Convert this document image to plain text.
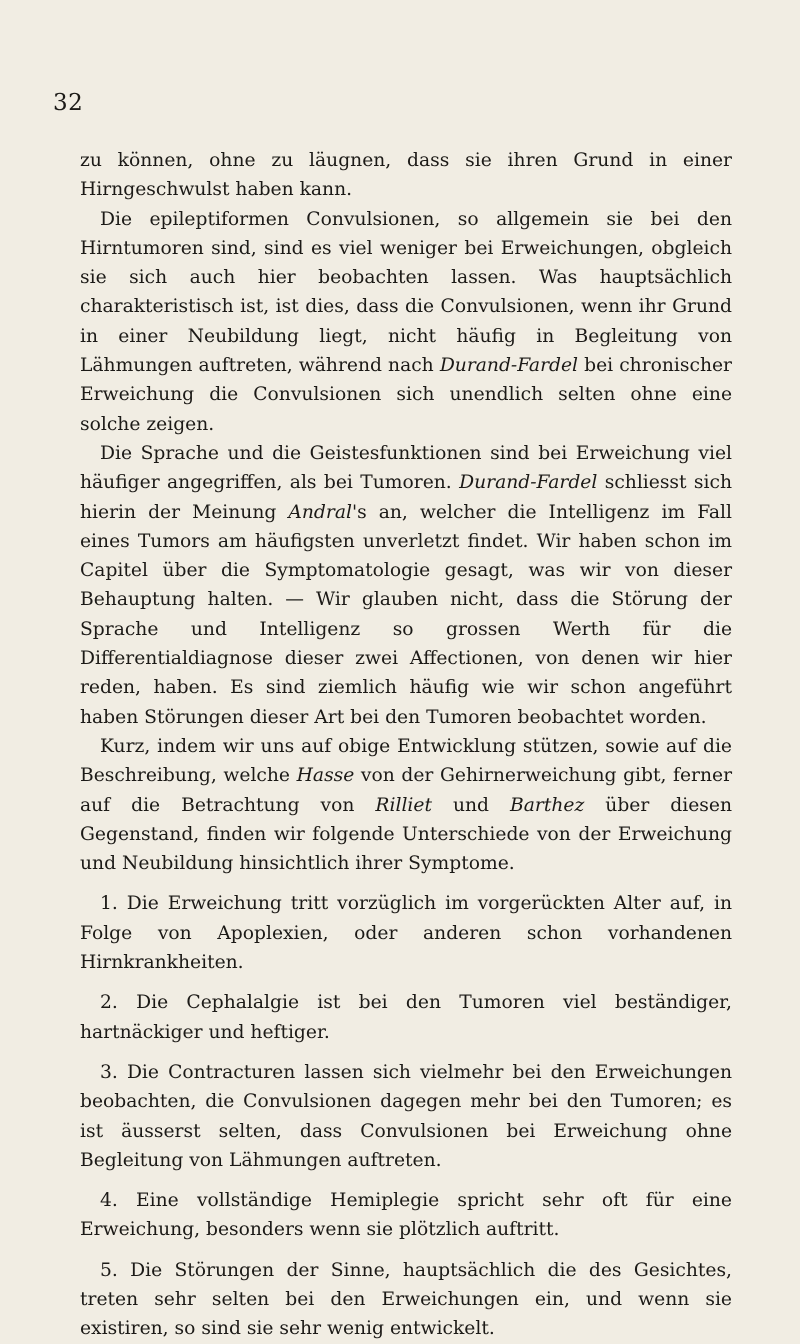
32

zu können, ohne zu läugnen, dass sie ihren Grund in einer Hirngeschwulst haben kann.

Die epileptiformen Convulsionen, so allgemein sie bei den Hirntumoren sind, sind es viel weniger bei Erweichungen, obgleich sie sich auch hier beobachten lassen. Was hauptsächlich charakteristisch ist, ist dies, dass die Convulsionen, wenn ihr Grund in einer Neubildung liegt, nicht häufig in Begleitung von Lähmungen auftreten, während nach Durand-Fardel bei chronischer Erweichung die Convulsionen sich unendlich selten ohne eine solche zeigen.

Die Sprache und die Geistesfunktionen sind bei Erweichung viel häufiger angegriffen, als bei Tumoren. Durand-Fardel schliesst sich hierin der Meinung Andral's an, welcher die Intelligenz im Fall eines Tumors am häufigsten unverletzt findet. Wir haben schon im Capitel über die Symptomatologie gesagt, was wir von dieser Behauptung halten. — Wir glauben nicht, dass die Störung der Sprache und Intelligenz so grossen Werth für die Differentialdiagnose dieser zwei Affectionen, von denen wir hier reden, haben. Es sind ziemlich häufig wie wir schon angeführt haben Störungen dieser Art bei den Tumoren beobachtet worden.

Kurz, indem wir uns auf obige Entwicklung stützen, sowie auf die Beschreibung, welche Hasse von der Gehirnerweichung gibt, ferner auf die Betrachtung von Rilliet und Barthez über diesen Gegenstand, finden wir folgende Unterschiede von der Erweichung und Neubildung hinsichtlich ihrer Symptome.

1. Die Erweichung tritt vorzüglich im vorgerückten Alter auf, in Folge von Apoplexien, oder anderen schon vorhandenen Hirnkrankheiten.

2. Die Cephalalgie ist bei den Tumoren viel beständiger, hartnäckiger und heftiger.

3. Die Contracturen lassen sich vielmehr bei den Erweichungen beobachten, die Convulsionen dagegen mehr bei den Tumoren; es ist äusserst selten, dass Convulsionen bei Erweichung ohne Begleitung von Lähmungen auftreten.

4. Eine vollständige Hemiplegie spricht sehr oft für eine Erweichung, besonders wenn sie plötzlich auftritt.

5. Die Störungen der Sinne, hauptsächlich die des Gesichtes, treten sehr selten bei den Erweichungen ein, und wenn sie existiren, so sind sie sehr wenig entwickelt.
